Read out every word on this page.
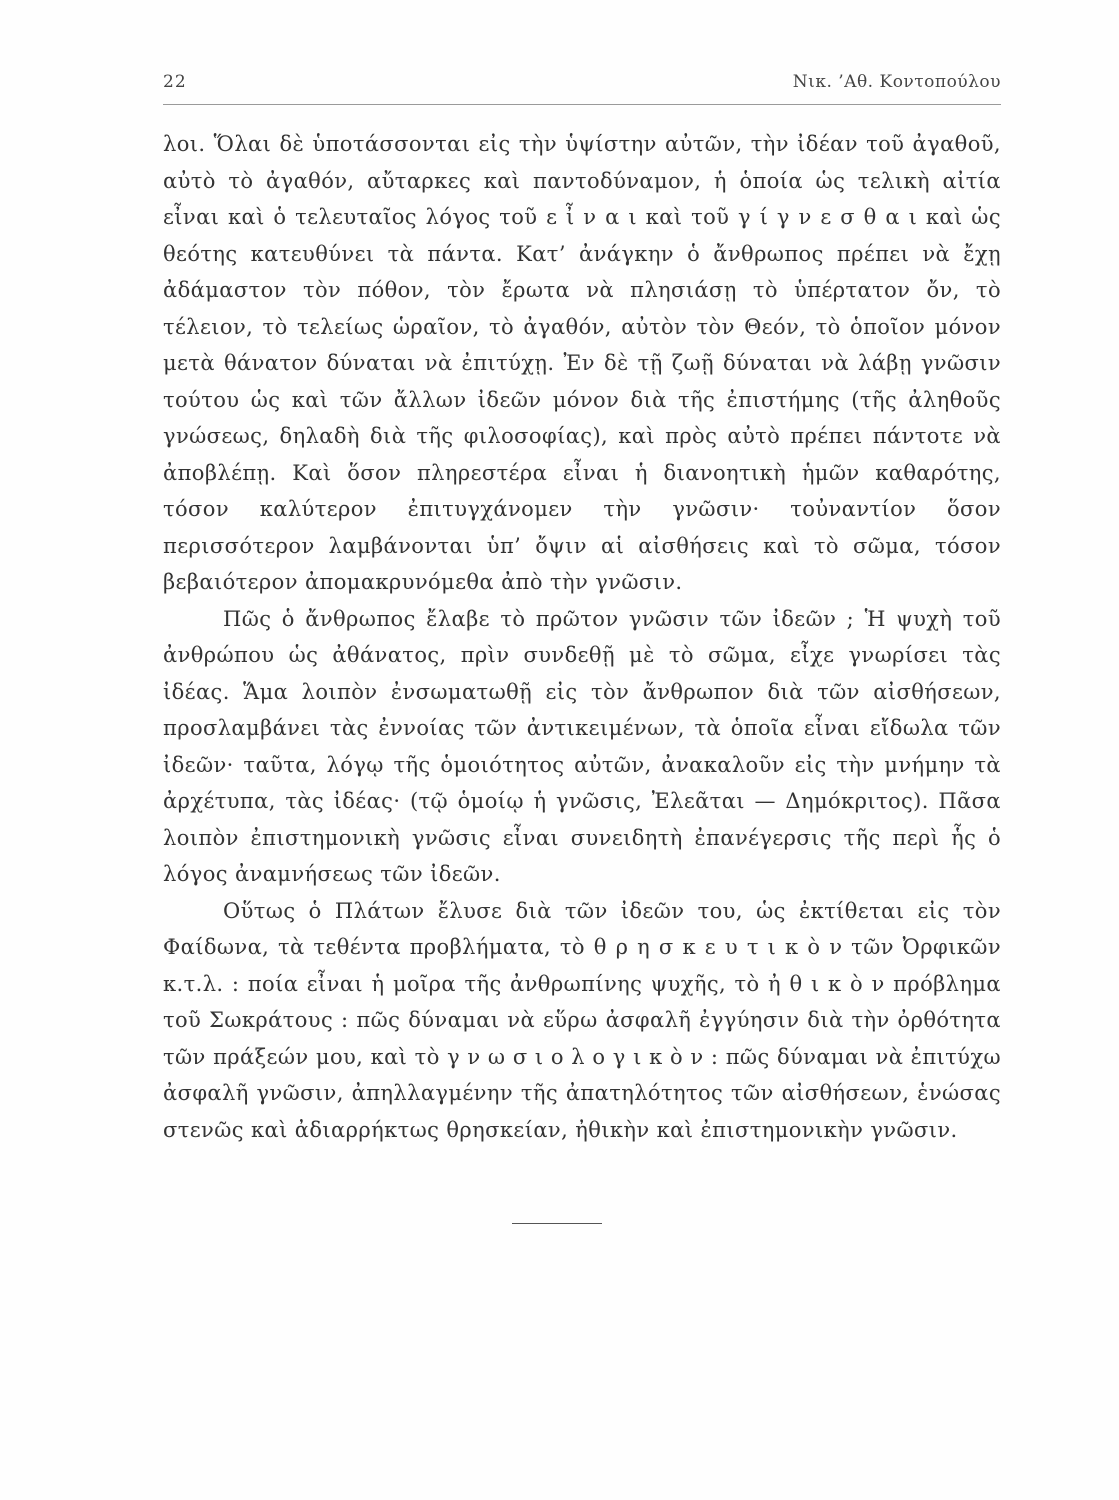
22	Νικ. ’Αθ. Κοντοπούλου

λοι. Ὅλαι δὲ ὑποτάσσονται εἰς τὴν ὑψίστην αὐτῶν, τὴν ἰδέαν τοῦ ἀγαθοῦ, αὐτὸ τὸ ἀγαθόν, αὔταρκες καὶ παντοδύναμον, ἡ ὁποία ὡς τελικὴ αἰτία εἶναι καὶ ὁ τελευταῖος λόγος τοῦ ε ἶ ν α ι καὶ τοῦ γ ί γ ν ε σ θ α ι καὶ ὡς θεότης κατευθύνει τὰ πάντα. Κατ’ ἀνάγκην ὁ ἄνθρωπος πρέπει νὰ ἔχῃ ἀδάμαστον τὸν πόθον, τὸν ἔρωτα νὰ πλησιάσῃ τὸ ὑπέρτατον ὄν, τὸ τέλειον, τὸ τελείως ὡραῖον, τὸ ἀγαθόν, αὐτὸν τὸν Θεόν, τὸ ὁποῖον μόνον μετὰ θάνατον δύναται νὰ ἐπιτύχῃ. Ἐν δὲ τῇ ζωῇ δύναται νὰ λάβῃ γνῶσιν τούτου ὡς καὶ τῶν ἄλλων ἰδεῶν μόνον διὰ τῆς ἐπιστήμης (τῆς ἀληθοῦς γνώσεως, δηλαδὴ διὰ τῆς φιλοσοφίας), καὶ πρὸς αὐτὸ πρέπει πάντοτε νὰ ἀποβλέπῃ. Καὶ ὅσον πληρεστέρα εἶναι ἡ διανοητικὴ ἡμῶν καθαρότης, τόσον καλύτερον ἐπιτυγχάνομεν τὴν γνῶσιν· τοὐναντίον ὅσον περισσότερον λαμβάνονται ὑπ’ ὄψιν αἱ αἰσθήσεις καὶ τὸ σῶμα, τόσον βεβαιότερον ἀπομακρυνόμεθα ἀπὸ τὴν γνῶσιν.

Πῶς ὁ ἄνθρωπος ἔλαβε τὸ πρῶτον γνῶσιν τῶν ἰδεῶν ; Ἡ ψυχὴ τοῦ ἀνθρώπου ὡς ἀθάνατος, πρὶν συνδεθῇ μὲ τὸ σῶμα, εἶχε γνωρίσει τὰς ἰδέας. Ἅμα λοιπὸν ἐνσωματωθῇ εἰς τὸν ἄνθρωπον διὰ τῶν αἰσθήσεων, προσλαμβάνει τὰς ἐννοίας τῶν ἀντικειμένων, τὰ ὁποῖα εἶναι εἴδωλα τῶν ἰδεῶν· ταῦτα, λόγῳ τῆς ὁμοιότητος αὐτῶν, ἀνακαλοῦν εἰς τὴν μνήμην τὰ ἀρχέτυπα, τὰς ἰδέας· (τῷ ὁμοίῳ ἡ γνῶσις, Ἐλεᾶται — Δημόκριτος). Πᾶσα λοιπὸν ἐπιστημονικὴ γνῶσις εἶναι συνειδητὴ ἐπανέγερσις τῆς περὶ ἧς ὁ λόγος ἀναμνήσεως τῶν ἰδεῶν.

Οὕτως ὁ Πλάτων ἔλυσε διὰ τῶν ἰδεῶν του, ὡς ἐκτίθεται εἰς τὸν Φαίδωνα, τὰ τεθέντα προβλήματα, τὸ θ ρ η σ κ ε υ τ ι κ ὸ ν τῶν Ὀρφικῶν κ.τ.λ. : ποία εἶναι ἡ μοῖρα τῆς ἀνθρωπίνης ψυχῆς, τὸ ἠ θ ι κ ὸ ν πρόβλημα τοῦ Σωκράτους : πῶς δύναμαι νὰ εὕρω ἀσφαλῆ ἐγγύησιν διὰ τὴν ὀρθότητα τῶν πράξεών μου, καὶ τὸ γ ν ω σ ι ο λ ο γ ι κ ὸ ν : πῶς δύναμαι νὰ ἐπιτύχω ἀσφαλῆ γνῶσιν, ἀπηλλαγμένην τῆς ἀπατηλότητος τῶν αἰσθήσεων, ἑνώσας στενῶς καὶ ἀδιαρρήκτως θρησκείαν, ἠθικὴν καὶ ἐπιστημονικὴν γνῶσιν.
